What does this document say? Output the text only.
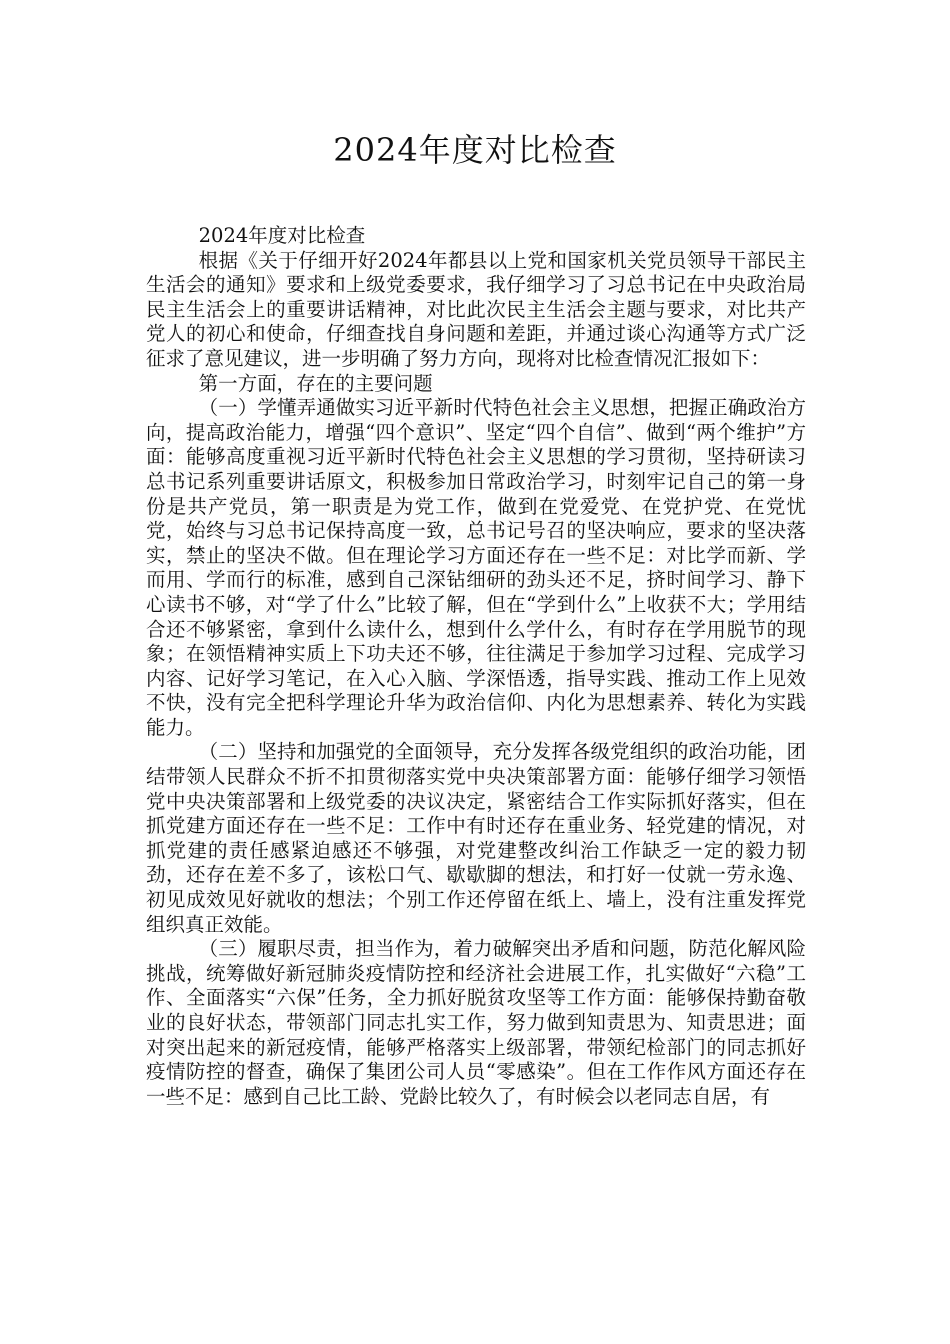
2024年度对比检查

2024年度对比检查

根据《关于仔细开好2024年都县以上党和国家机关党员领导干部民主生活会的通知》要求和上级党委要求，我仔细学习了习总书记在中央政治局民主生活会上的重要讲话精神，对比此次民主生活会主题与要求，对比共产党人的初心和使命，仔细查找自身问题和差距，并通过谈心沟通等方式广泛征求了意见建议，进一步明确了努力方向，现将对比检查情况汇报如下：

第一方面，存在的主要问题

（一）学懂弄通做实习近平新时代特色社会主义思想，把握正确政治方向，提高政治能力，增强“四个意识”、坚定“四个自信”、做到“两个维护”方面：能够高度重视习近平新时代特色社会主义思想的学习贯彻，坚持研读习总书记系列重要讲话原文，积极参加日常政治学习，时刻牢记自己的第一身份是共产党员，第一职责是为党工作，做到在党爱党、在党护党、在党忧党，始终与习总书记保持高度一致，总书记号召的坚决响应，要求的坚决落实，禁止的坚决不做。但在理论学习方面还存在一些不足：对比学而新、学而用、学而行的标准，感到自己深钻细研的劲头还不足，挤时间学习、静下心读书不够，对“学了什么”比较了解，但在“学到什么”上收获不大；学用结合还不够紧密，拿到什么读什么，想到什么学什么，有时存在学用脱节的现象；在领悟精神实质上下功夫还不够，往往满足于参加学习过程、完成学习内容、记好学习笔记，在入心入脑、学深悟透，指导实践、推动工作上见效不快，没有完全把科学理论升华为政治信仰、内化为思想素养、转化为实践能力。

（二）坚持和加强党的全面领导，充分发挥各级党组织的政治功能，团结带领人民群众不折不扣贯彻落实党中央决策部署方面：能够仔细学习领悟党中央决策部署和上级党委的决议决定，紧密结合工作实际抓好落实，但在抓党建方面还存在一些不足：工作中有时还存在重业务、轻党建的情况，对抓党建的责任感紧迫感还不够强，对党建整改纠治工作缺乏一定的毅力韧劲，还存在差不多了，该松口气、歇歇脚的想法，和打好一仗就一劳永逸、初见成效见好就收的想法；个别工作还停留在纸上、墙上，没有注重发挥党组织真正效能。

（三）履职尽责，担当作为，着力破解突出矛盾和问题，防范化解风险挑战，统筹做好新冠肺炎疫情防控和经济社会进展工作，扎实做好“六稳”工作、全面落实“六保”任务，全力抓好脱贫攻坚等工作方面：能够保持勤奋敬业的良好状态，带领部门同志扎实工作，努力做到知责思为、知责思进；面对突出起来的新冠疫情，能够严格落实上级部署，带领纪检部门的同志抓好疫情防控的督查，确保了集团公司人员“零感染”。但在工作作风方面还存在一些不足：感到自己比工龄、党龄比较久了，有时候会以老同志自居，有
